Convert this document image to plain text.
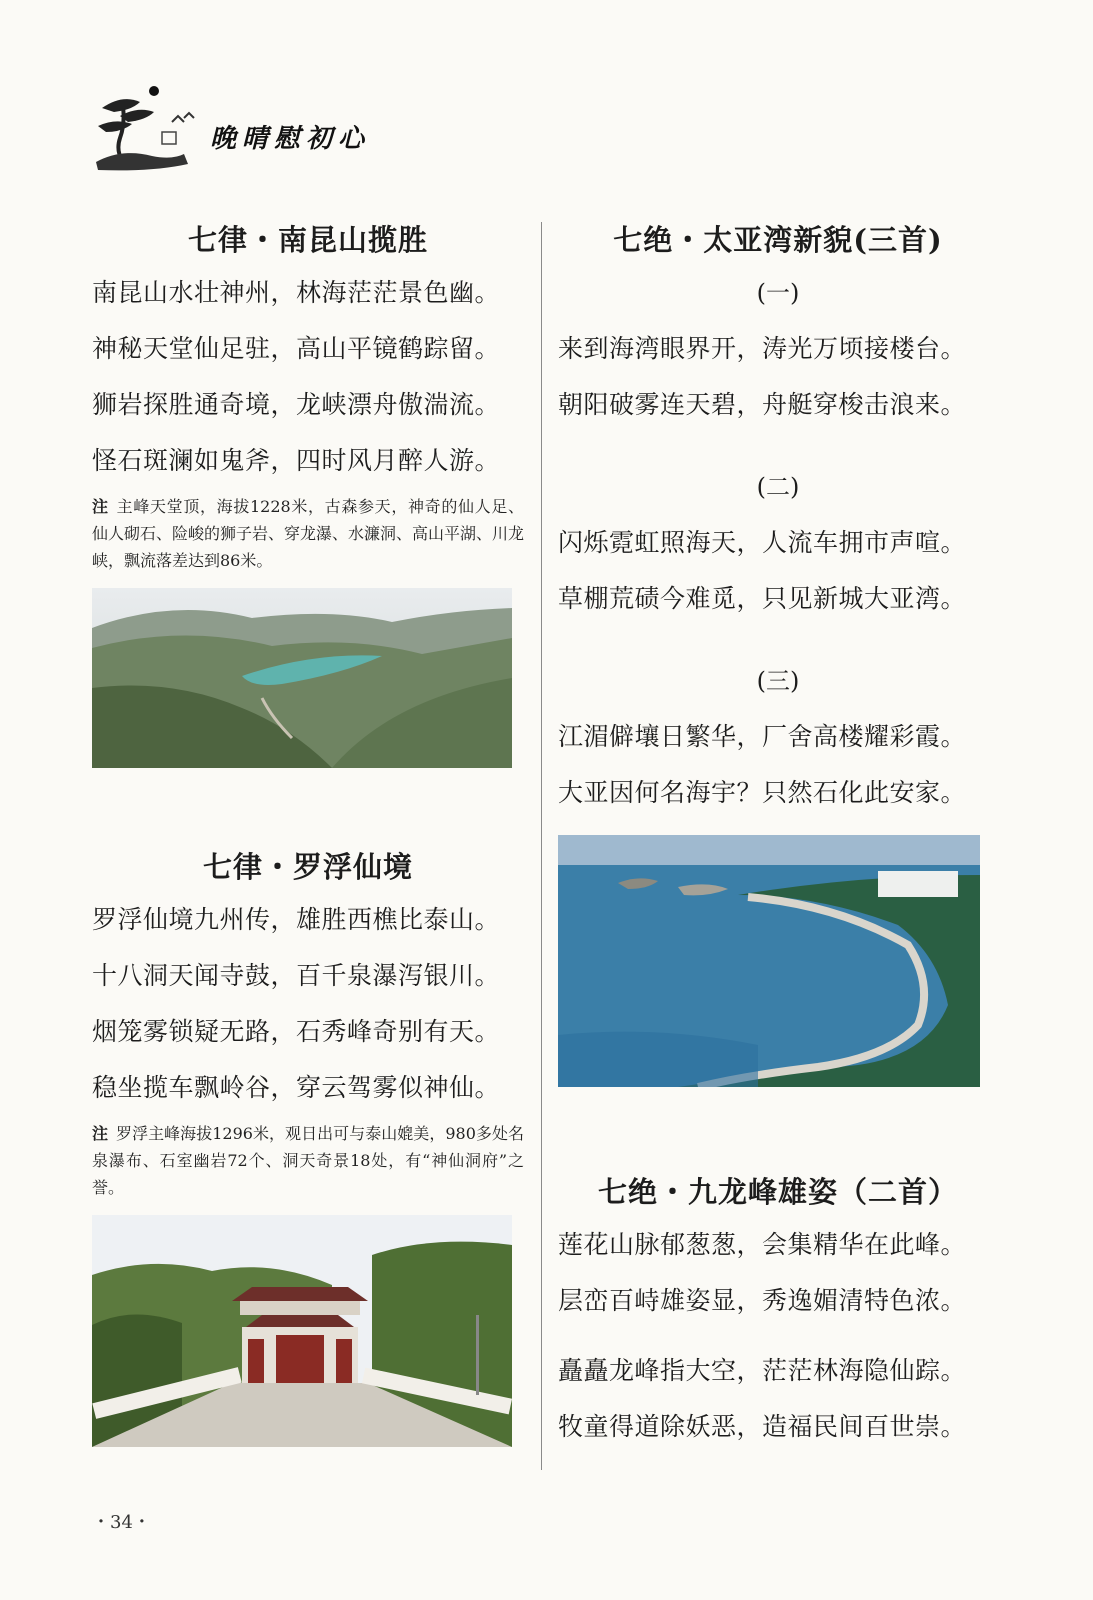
晚晴慰初心
七律・南昆山揽胜
南昆山水壮神州，林海茫茫景色幽。
神秘天堂仙足驻，高山平镜鹤踪留。
狮岩探胜通奇境，龙峡漂舟傲湍流。
怪石斑澜如鬼斧，四时风月醉人游。
注 主峰天堂顶，海拔1228米，古森参天，神奇的仙人足、仙人砌石、险峻的狮子岩、穿龙瀑、水濂洞、高山平湖、川龙峡，飘流落差达到86米。
七律・罗浮仙境
罗浮仙境九州传，雄胜西樵比泰山。
十八洞天闻寺鼓，百千泉瀑泻银川。
烟笼雾锁疑无路，石秀峰奇别有天。
稳坐揽车飘岭谷，穿云驾雾似神仙。
注 罗浮主峰海拔1296米，观日出可与泰山媲美，980多处名泉瀑布、石室幽岩72个、洞天奇景18处，有“神仙洞府”之誉。
七绝・太亚湾新貌(三首)
(一)
来到海湾眼界开，涛光万顷接楼台。
朝阳破雾连天碧，舟艇穿梭击浪来。
(二)
闪烁霓虹照海天，人流车拥市声喧。
草棚荒碛今难觅，只见新城大亚湾。
(三)
江湄僻壤日繁华，厂舍高楼耀彩霞。
大亚因何名海宇？只然石化此安家。
七绝・九龙峰雄姿（二首）
莲花山脉郁葱葱，会集精华在此峰。
层峦百峙雄姿显，秀逸媚清特色浓。
矗矗龙峰指大空，茫茫林海隐仙踪。
牧童得道除妖恶，造福民间百世崇。
・34・
